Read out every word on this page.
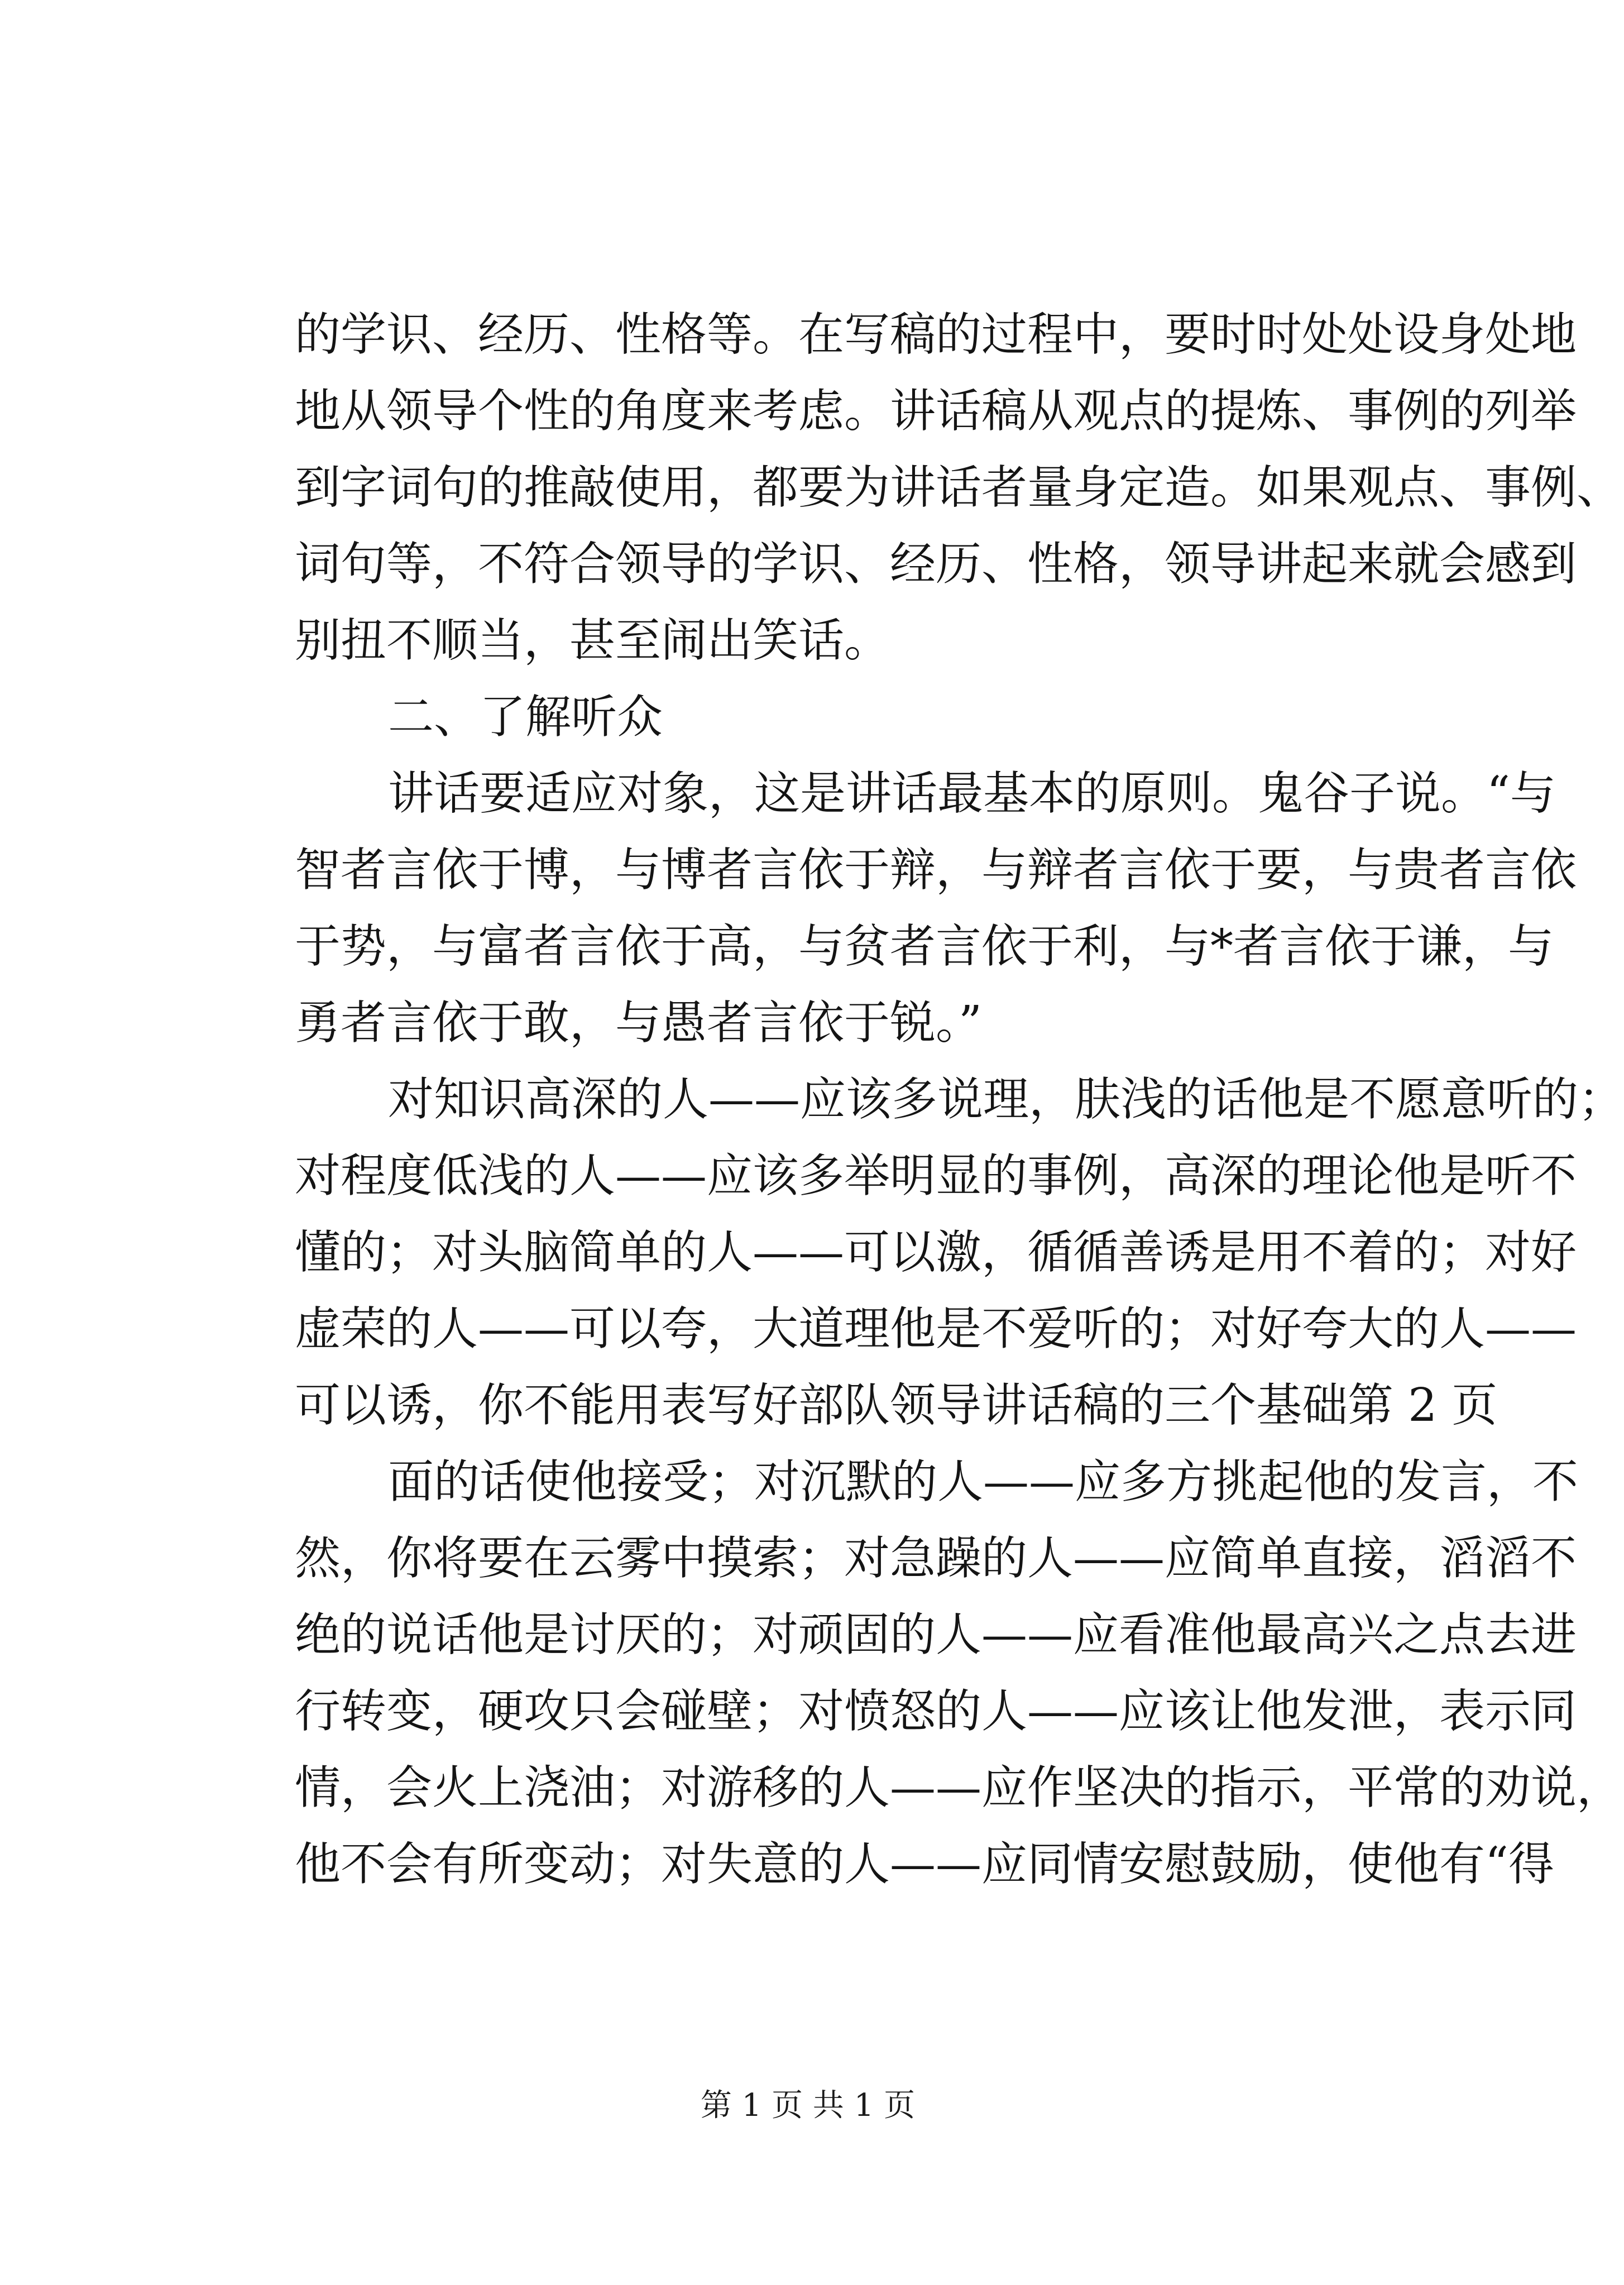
的学识、经历、性格等。在写稿的过程中，要时时处处设身处地
地从领导个性的角度来考虑。讲话稿从观点的提炼、事例的列举
到字词句的推敲使用，都要为讲话者量身定造。如果观点、事例、
词句等，不符合领导的学识、经历、性格，领导讲起来就会感到
别扭不顺当，甚至闹出笑话。
二、了解听众
讲话要适应对象，这是讲话最基本的原则。鬼谷子说。“与
智者言依于博，与博者言依于辩，与辩者言依于要，与贵者言依
于势，与富者言依于高，与贫者言依于利，与*者言依于谦，与
勇者言依于敢，与愚者言依于锐。”
对知识高深的人——应该多说理，肤浅的话他是不愿意听的；
对程度低浅的人——应该多举明显的事例，高深的理论他是听不
懂的；对头脑简单的人——可以激，循循善诱是用不着的；对好
虚荣的人——可以夸，大道理他是不爱听的；对好夸大的人——
可以诱，你不能用表写好部队领导讲话稿的三个基础第 2 页
面的话使他接受；对沉默的人——应多方挑起他的发言，不
然，你将要在云雾中摸索；对急躁的人——应简单直接，滔滔不
绝的说话他是讨厌的；对顽固的人——应看准他最高兴之点去进
行转变，硬攻只会碰壁；对愤怒的人——应该让他发泄，表示同
情，会火上浇油；对游移的人——应作坚决的指示，平常的劝说，
他不会有所变动；对失意的人——应同情安慰鼓励，使他有“得
第 1 页 共 1 页
